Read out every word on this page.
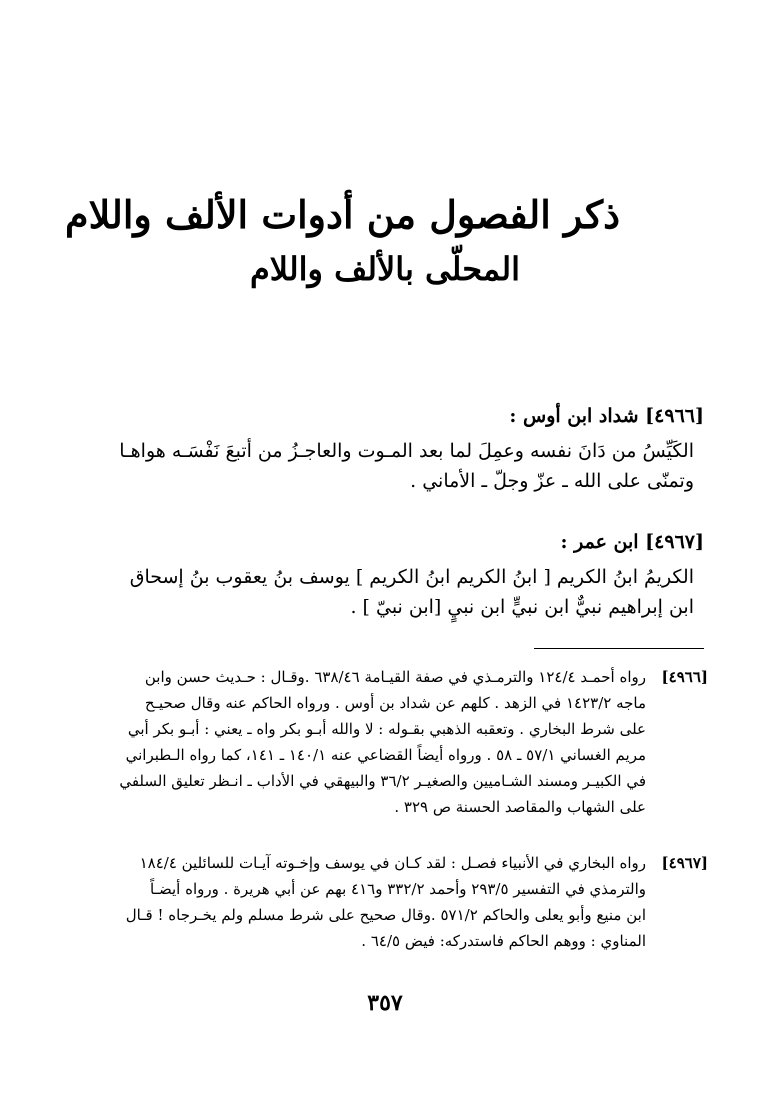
ذكر الفصول من أدوات الألف واللام
المحلّى بالألف واللام
[٤٩٦٦] شداد ابن أوس :
الكَيِّسُ من دَانَ نفسه وعمِلَ لما بعد المـوت والعاجـزُ من أتبعَ نَفْسَـه هواهـا
وتمنّى على الله ـ عزّ وجلّ ـ الأماني .
[٤٩٦٧] ابن عمر :
الكريمُ ابنُ الكريم [ ابنُ الكريم ابنُ الكريم ] يوسف بنُ يعقوب بنُ إسحاق
ابن إبراهيم نبيٌّ ابن نبيٍّ ابن نبيٍ [ابن نبيّ ] .
[٤٩٦٦]
رواه أحمـد ١٢٤/٤ والترمـذي في صفة القيـامة ٦٣٨/٤٦ .وقـال : حـديث حسن وابن
ماجه ١٤٢٣/٢ في الزهد . كلهم عن شداد بن أوس . ورواه الحاكم عنه وقال صحيـح
على شرط البخاري . وتعقبه الذهبي بقـوله : لا والله أبـو بكر واه ـ يعني : أبـو بكر أبي
مريم الغساني ٥٧/١ ـ ٥٨ . ورواه أيضاً القضاعي عنه ١٤٠/١ ـ ١٤١، كما رواه الـطبراني
في الكبيـر ومسند الشـاميين والصغيـر ٣٦/٢ والبيهقي في الأداب ـ انـظر تعليق السلفي
على الشهاب والمقاصد الحسنة ص ٣٢٩ .
[٤٩٦٧]
رواه البخاري في الأنبياء فصـل : لقد كـان في يوسف وإخـوته آيـات للسائلين ١٨٤/٤
والترمذي في التفسير ٢٩٣/٥ وأحمد ٣٣٢/٢ و٤١٦ بهم عن أبي هريرة . ورواه أيضـاً
ابن منيع وأبو يعلى والحاكم ٥٧١/٢ .وقال صحيح على شرط مسلم ولم يخـرجاه ! قـال
المناوي : ووهم الحاكم فاستدركه: فيض ٦٤/٥ .
٣٥٧
